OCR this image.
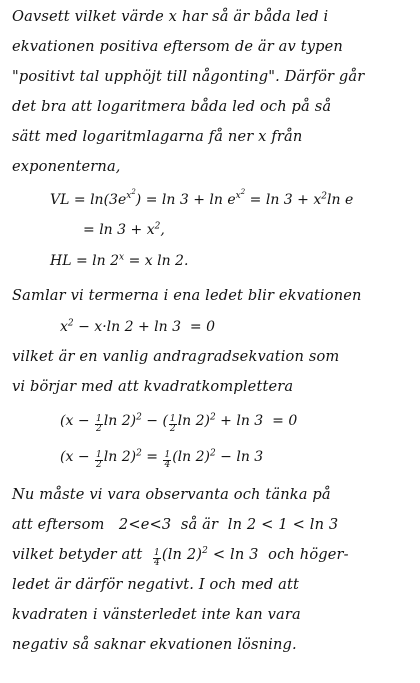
Oavsett vilket värde x har så är båda led i
ekvationen positiva eftersom de är av typen
"positivt tal upphöjt till någonting". Därför går
det bra att logaritmera båda led och på så
sätt med logaritmlagarna få ner x från
exponenterna,
VL = $\ln(3e^{x^2}) = \ln 3 + \ln e^{x^2} = \ln 3 + x^2\ln$ e
= $\ln 3 + x^2$,
HL = $\ln 2^x = x$ ln 2.
Samlar vi termerna i ena ledet blir ekvationen
$x^2 - x\cdot\ln$ 2 + ln 3 = 0
vilket är en vanlig andragradsekvation som
vi börjar med att kvadratkomplettera
($x - \frac{1}{2}$ $\ln 2)^2$ − ( $\frac{1}{2}$ ln 2)$^2$ + ln 3 = 0
($x - \frac{1}{2}$ $\ln 2)^2 = \frac{1}{4} (\ln$ 2)$^2$ − ln 3
Nu måste vi vara observanta och tänka på
att eftersom 2<e<3 så är ln 2 < 1 < ln 3
vilket betyder att $\frac{1}{4} (\ln$ 2)$^2$ < ln 3 och höger-
ledet är därför negativt. I och med att
kvadraten i vänsterledet inte kan vara
negativ så saknar ekvationen lösning.
